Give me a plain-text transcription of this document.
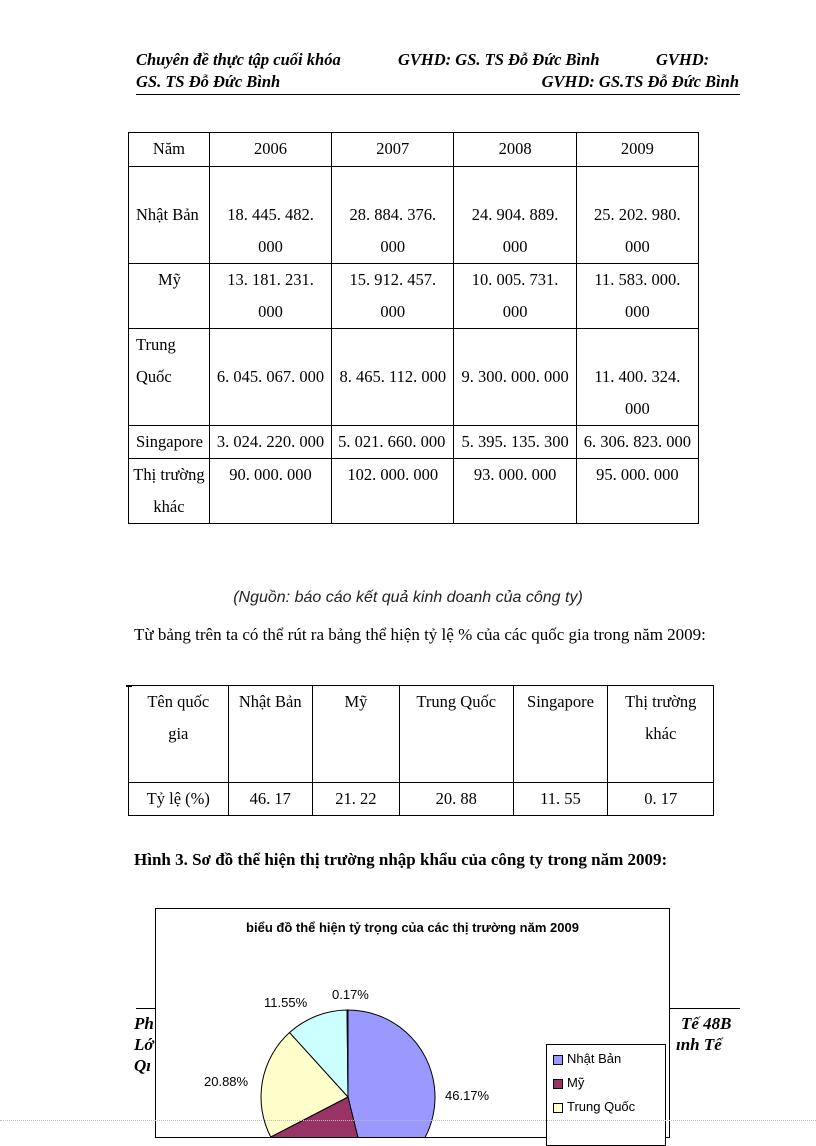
Chuyên đề thực tập cuối khóa	GVHD: GS. TS Đỗ Đức Bình	GVHD:
GS. TS Đỗ Đức Bình	GVHD: GS.TS Đỗ Đức Bình
Năm	2006	2007	2008	2009
Nhật Bản	18. 445. 482. 000	28. 884. 376. 000	24. 904. 889. 000	25. 202. 980. 000
Mỹ	13. 181. 231. 000	15. 912. 457. 000	10. 005. 731. 000	11. 583. 000. 000
Trung Quốc	6. 045. 067. 000	8. 465. 112. 000	9. 300. 000. 000	11. 400. 324. 000
Singapore	3. 024. 220. 000	5. 021. 660. 000	5. 395. 135. 300	6. 306. 823. 000
Thị trường khác	90. 000. 000	102. 000. 000	93. 000. 000	95. 000. 000
(Nguồn: báo cáo kết quả kinh doanh của công ty)
Từ bảng trên ta có thể rút ra bảng thể hiện tỷ lệ % của các quốc gia trong năm 2009:
Tên quốc gia	Nhật Bản	Mỹ	Trung Quốc	Singapore	Thị trường khác
Tỷ lệ (%)	46. 17	21. 22	20. 88	11. 55	0. 17
Hình 3. Sơ đồ thể hiện thị trường nhập khẩu của công ty trong năm 2009:
Ph
Lớ
Qı
Tế 48B
ınh Tế
biểu đồ thể hiện tỷ trọng của các thị trường năm 2009
46.17%
20.88%
11.55%
0.17%
Nhật Bản
Mỹ
Trung Quốc
